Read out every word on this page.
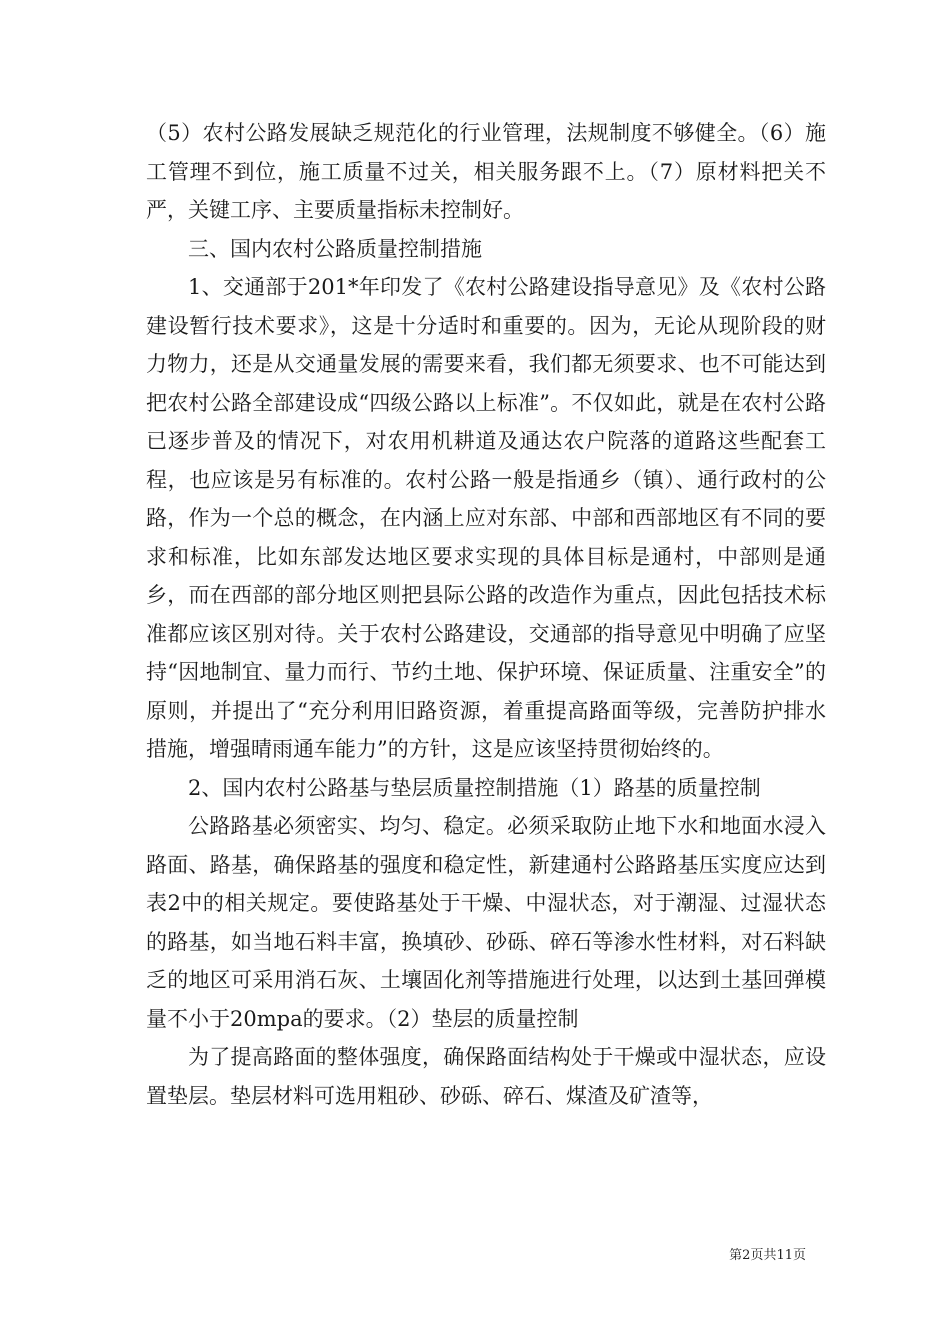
（5）农村公路发展缺乏规范化的行业管理，法规制度不够健全。（6）施工管理不到位，施工质量不过关，相关服务跟不上。（7）原材料把关不严，关键工序、主要质量指标未控制好。

三、国内农村公路质量控制措施

1、交通部于201*年印发了《农村公路建设指导意见》及《农村公路建设暂行技术要求》，这是十分适时和重要的。因为，无论从现阶段的财力物力，还是从交通量发展的需要来看，我们都无须要求、也不可能达到把农村公路全部建设成“四级公路以上标准”。不仅如此，就是在农村公路已逐步普及的情况下，对农用机耕道及通达农户院落的道路这些配套工程，也应该是另有标准的。农村公路一般是指通乡（镇）、通行政村的公路，作为一个总的概念，在内涵上应对东部、中部和西部地区有不同的要求和标准，比如东部发达地区要求实现的具体目标是通村，中部则是通乡，而在西部的部分地区则把县际公路的改造作为重点，因此包括技术标准都应该区别对待。关于农村公路建设，交通部的指导意见中明确了应坚持“因地制宜、量力而行、节约土地、保护环境、保证质量、注重安全”的原则，并提出了“充分利用旧路资源，着重提高路面等级，完善防护排水措施，增强晴雨通车能力”的方针，这是应该坚持贯彻始终的。

2、国内农村公路基与垫层质量控制措施（1）路基的质量控制

公路路基必须密实、均匀、稳定。必须采取防止地下水和地面水浸入路面、路基，确保路基的强度和稳定性，新建通村公路路基压实度应达到表2中的相关规定。要使路基处于干燥、中湿状态，对于潮湿、过湿状态的路基，如当地石料丰富，换填砂、砂砾、碎石等渗水性材料，对石料缺乏的地区可采用消石灰、土壤固化剂等措施进行处理，以达到土基回弹模量不小于20mpa的要求。（2）垫层的质量控制

为了提高路面的整体强度，确保路面结构处于干燥或中湿状态，应设置垫层。垫层材料可选用粗砂、砂砾、碎石、煤渣及矿渣等，

第2页共11页
